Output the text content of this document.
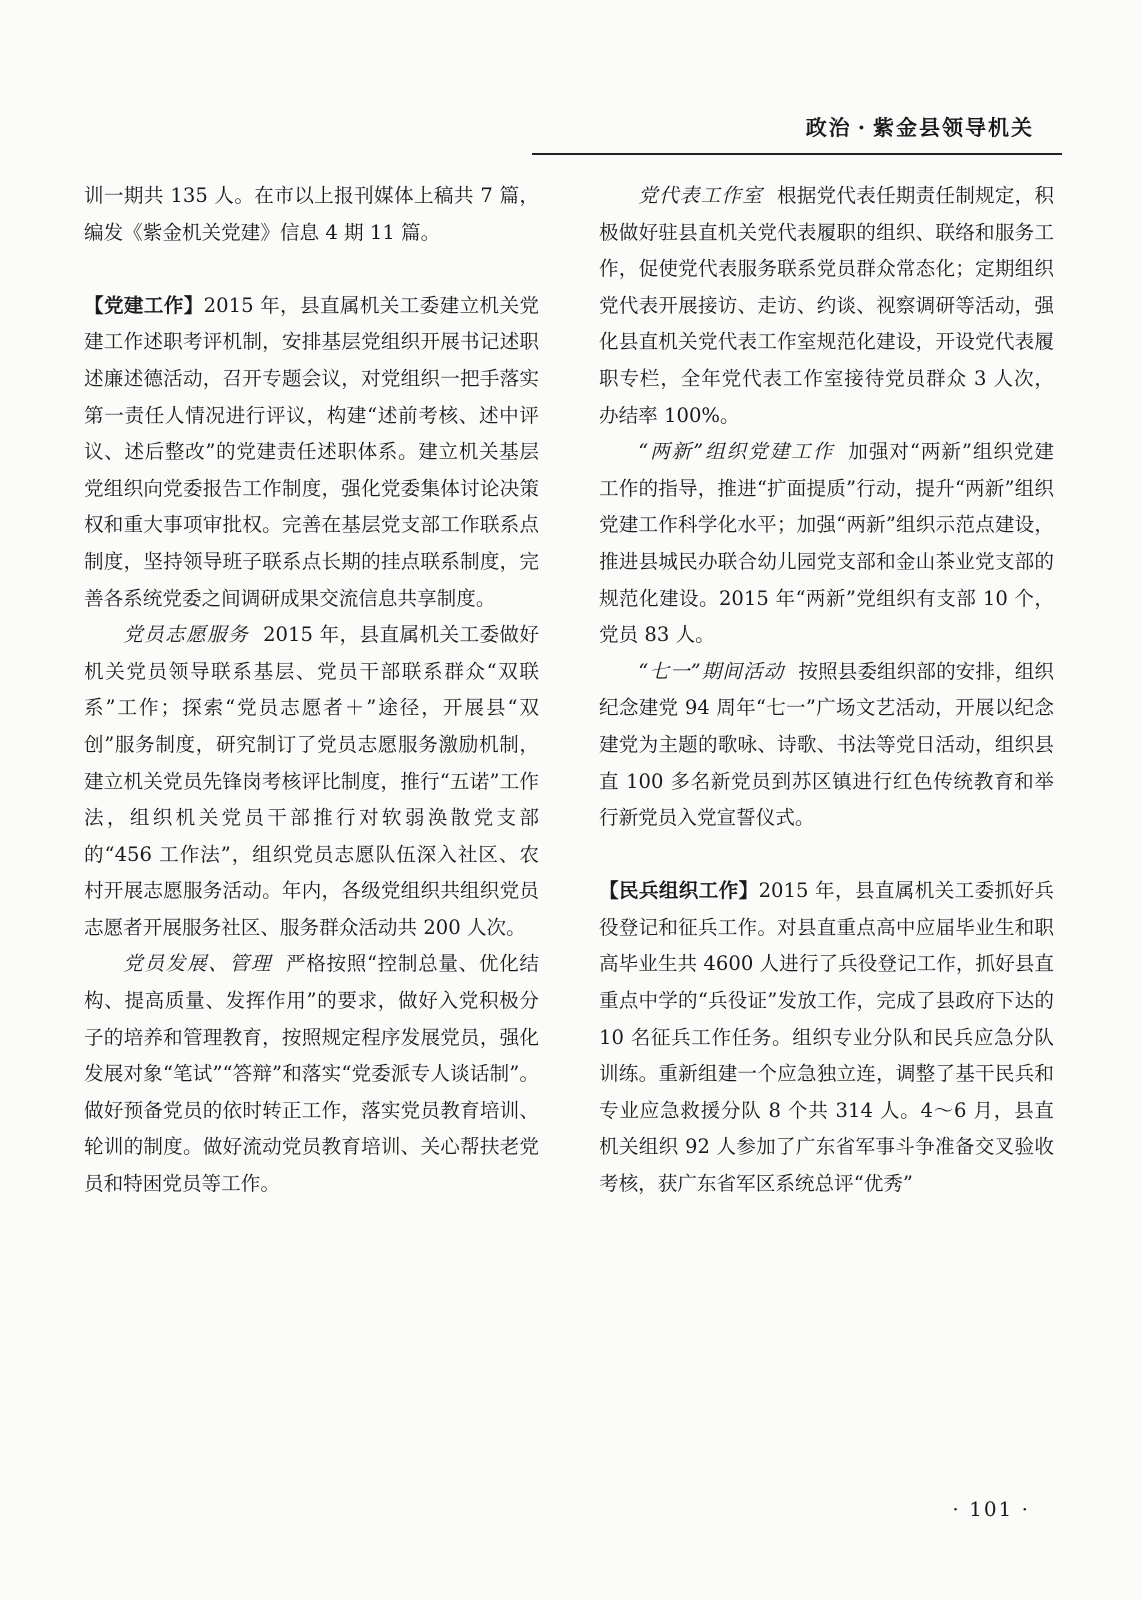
政治 · 紫金县领导机关

训一期共 135 人。在市以上报刊媒体上稿共 7 篇，编发《紫金机关党建》信息 4 期 11 篇。

【党建工作】2015 年，县直属机关工委建立机关党建工作述职考评机制，安排基层党组织开展书记述职述廉述德活动，召开专题会议，对党组织一把手落实第一责任人情况进行评议，构建“述前考核、述中评议、述后整改”的党建责任述职体系。建立机关基层党组织向党委报告工作制度，强化党委集体讨论决策权和重大事项审批权。完善在基层党支部工作联系点制度，坚持领导班子联系点长期的挂点联系制度，完善各系统党委之间调研成果交流信息共享制度。

党员志愿服务 2015 年，县直属机关工委做好机关党员领导联系基层、党员干部联系群众“双联系”工作；探索“党员志愿者＋”途径，开展县“双创”服务制度，研究制订了党员志愿服务激励机制，建立机关党员先锋岗考核评比制度，推行“五诺”工作法，组织机关党员干部推行对软弱涣散党支部的“456 工作法”，组织党员志愿队伍深入社区、农村开展志愿服务活动。年内，各级党组织共组织党员志愿者开展服务社区、服务群众活动共 200 人次。

党员发展、管理 严格按照“控制总量、优化结构、提高质量、发挥作用”的要求，做好入党积极分子的培养和管理教育，按照规定程序发展党员，强化发展对象“笔试”“答辩”和落实“党委派专人谈话制”。做好预备党员的依时转正工作，落实党员教育培训、轮训的制度。做好流动党员教育培训、关心帮扶老党员和特困党员等工作。

党代表工作室 根据党代表任期责任制规定，积极做好驻县直机关党代表履职的组织、联络和服务工作，促使党代表服务联系党员群众常态化；定期组织党代表开展接访、走访、约谈、视察调研等活动，强化县直机关党代表工作室规范化建设，开设党代表履职专栏，全年党代表工作室接待党员群众 3 人次，办结率 100%。

“两新”组织党建工作 加强对“两新”组织党建工作的指导，推进“扩面提质”行动，提升“两新”组织党建工作科学化水平；加强“两新”组织示范点建设，推进县城民办联合幼儿园党支部和金山茶业党支部的规范化建设。2015 年“两新”党组织有支部 10 个，党员 83 人。

“七一”期间活动 按照县委组织部的安排，组织纪念建党 94 周年“七一”广场文艺活动，开展以纪念建党为主题的歌咏、诗歌、书法等党日活动，组织县直 100 多名新党员到苏区镇进行红色传统教育和举行新党员入党宣誓仪式。

【民兵组织工作】2015 年，县直属机关工委抓好兵役登记和征兵工作。对县直重点高中应届毕业生和职高毕业生共 4600 人进行了兵役登记工作，抓好县直重点中学的“兵役证”发放工作，完成了县政府下达的 10 名征兵工作任务。组织专业分队和民兵应急分队训练。重新组建一个应急独立连，调整了基干民兵和专业应急救援分队 8 个共 314 人。4～6 月，县直机关组织 92 人参加了广东省军事斗争准备交叉验收考核，获广东省军区系统总评“优秀”

· 101 ·
